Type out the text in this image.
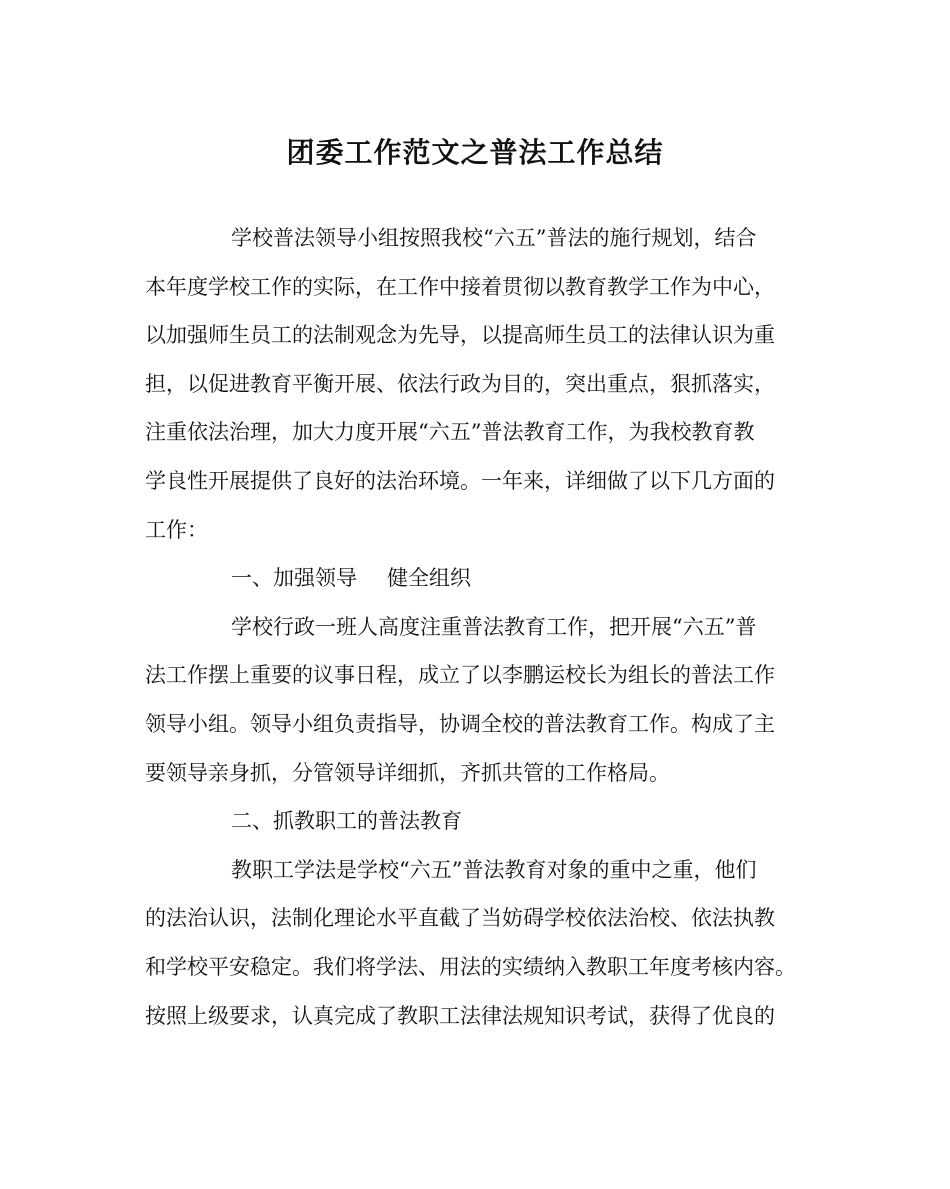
团委工作范文之普法工作总结
学校普法领导小组按照我校“六五”普法的施行规划，结合
本年度学校工作的实际，在工作中接着贯彻以教育教学工作为中心，
以加强师生员工的法制观念为先导，以提高师生员工的法律认识为重
担，以促进教育平衡开展、依法行政为目的，突出重点，狠抓落实，
注重依法治理，加大力度开展“六五”普法教育工作，为我校教育教
学良性开展提供了良好的法治环境。一年来，详细做了以下几方面的
工作：
一、加强领导 健全组织
学校行政一班人高度注重普法教育工作，把开展“六五”普
法工作摆上重要的议事日程，成立了以李鹏运校长为组长的普法工作
领导小组。领导小组负责指导，协调全校的普法教育工作。构成了主
要领导亲身抓，分管领导详细抓，齐抓共管的工作格局。
二、抓教职工的普法教育
教职工学法是学校“六五”普法教育对象的重中之重，他们
的法治认识，法制化理论水平直截了当妨碍学校依法治校、依法执教
和学校平安稳定。我们将学法、用法的实绩纳入教职工年度考核内容。
按照上级要求，认真完成了教职工法律法规知识考试，获得了优良的
